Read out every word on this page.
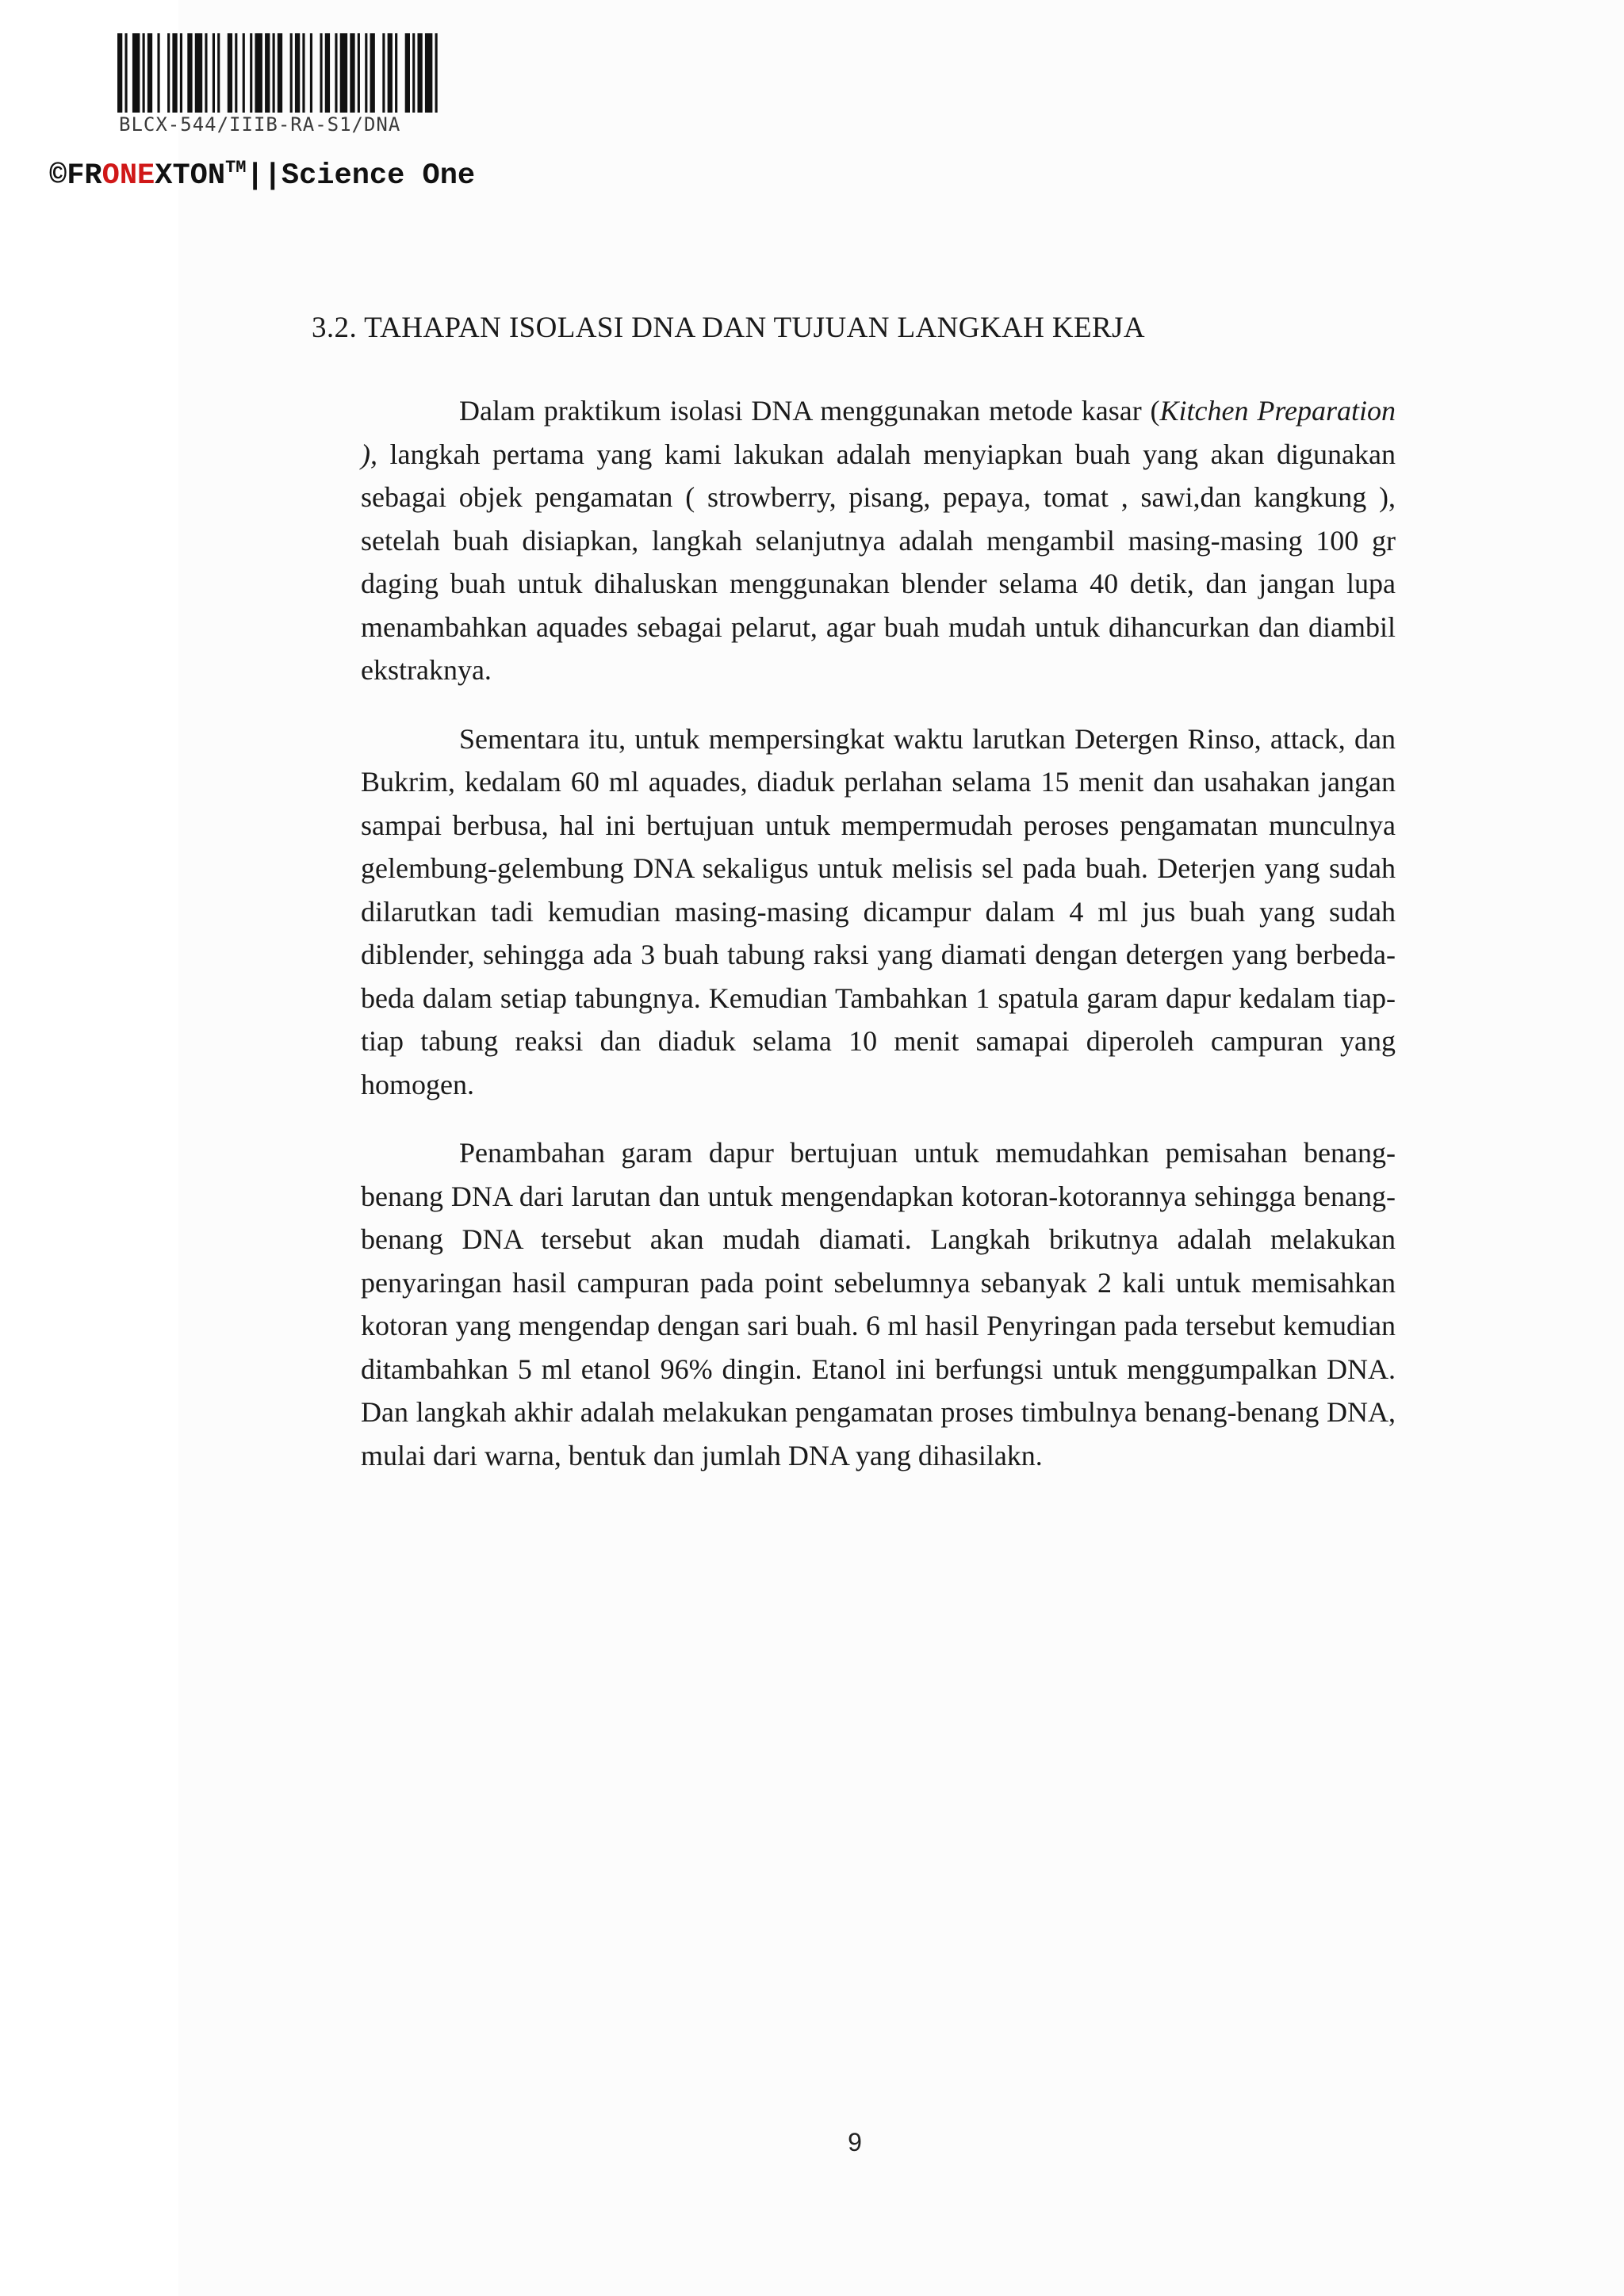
BLCX-544/IIIB-RA-S1/DNA
©FRONEXTON™||Science One
3.2. TAHAPAN ISOLASI DNA DAN TUJUAN LANGKAH KERJA

Dalam praktikum isolasi DNA menggunakan metode kasar (Kitchen Preparation ), langkah pertama yang kami lakukan adalah menyiapkan buah yang akan digunakan sebagai objek pengamatan ( strowberry, pisang, pepaya, tomat , sawi,dan kangkung ), setelah buah disiapkan, langkah selanjutnya adalah mengambil masing-masing 100 gr daging buah untuk dihaluskan menggunakan blender selama 40 detik, dan jangan lupa menambahkan aquades sebagai pelarut, agar buah mudah untuk dihancurkan dan diambil ekstraknya.

Sementara itu, untuk mempersingkat waktu larutkan Detergen Rinso, attack, dan Bukrim, kedalam 60 ml aquades, diaduk perlahan selama 15 menit dan usahakan jangan sampai berbusa, hal ini bertujuan untuk mempermudah peroses pengamatan munculnya gelembung-gelembung DNA sekaligus untuk melisis sel pada buah. Deterjen yang sudah dilarutkan tadi kemudian masing-masing dicampur dalam 4 ml jus buah yang sudah diblender, sehingga ada 3 buah tabung raksi yang diamati dengan detergen yang berbeda-beda dalam setiap tabungnya. Kemudian Tambahkan 1 spatula garam dapur kedalam tiap-tiap tabung reaksi dan diaduk selama 10 menit samapai diperoleh campuran yang homogen.

Penambahan garam dapur bertujuan untuk memudahkan pemisahan benang-benang DNA dari larutan dan untuk mengendapkan kotoran-kotorannya sehingga benang-benang DNA tersebut akan mudah diamati. Langkah brikutnya adalah melakukan penyaringan hasil campuran pada point sebelumnya sebanyak 2 kali untuk memisahkan kotoran yang mengendap dengan sari buah. 6 ml hasil Penyringan pada tersebut kemudian ditambahkan 5 ml etanol 96% dingin. Etanol ini berfungsi untuk menggumpalkan DNA. Dan langkah akhir adalah melakukan pengamatan proses timbulnya benang-benang DNA, mulai dari warna, bentuk dan jumlah DNA yang dihasilakn.

9
